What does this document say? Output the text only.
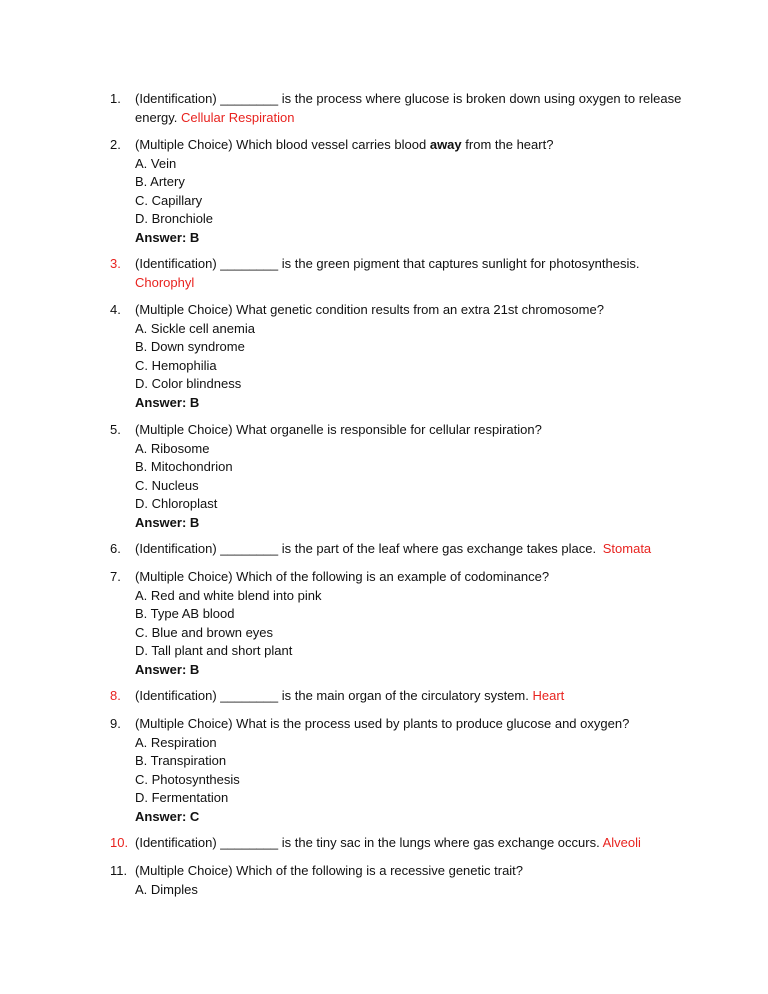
1.	(Identification) ________ is the process where glucose is broken down using oxygen to release
energy. Cellular Respiration
2.	(Multiple Choice) Which blood vessel carries blood away from the heart?
A. Vein
B. Artery
C. Capillary
D. Bronchiole
Answer: B
3.	(Identification) ________ is the green pigment that captures sunlight for photosynthesis.
Chorophyl
4.	(Multiple Choice) What genetic condition results from an extra 21st chromosome?
A. Sickle cell anemia
B. Down syndrome
C. Hemophilia
D. Color blindness
Answer: B
5.	(Multiple Choice) What organelle is responsible for cellular respiration?
A. Ribosome
B. Mitochondrion
C. Nucleus
D. Chloroplast
Answer: B
6.	(Identification) ________ is the part of the leaf where gas exchange takes place. Stomata
7.	(Multiple Choice) Which of the following is an example of codominance?
A. Red and white blend into pink
B. Type AB blood
C. Blue and brown eyes
D. Tall plant and short plant
Answer: B
8.	(Identification) ________ is the main organ of the circulatory system. Heart
9.	(Multiple Choice) What is the process used by plants to produce glucose and oxygen?
A. Respiration
B. Transpiration
C. Photosynthesis
D. Fermentation
Answer: C
10. (Identification) ________ is the tiny sac in the lungs where gas exchange occurs. Alveoli
11. (Multiple Choice) Which of the following is a recessive genetic trait?
A. Dimples
